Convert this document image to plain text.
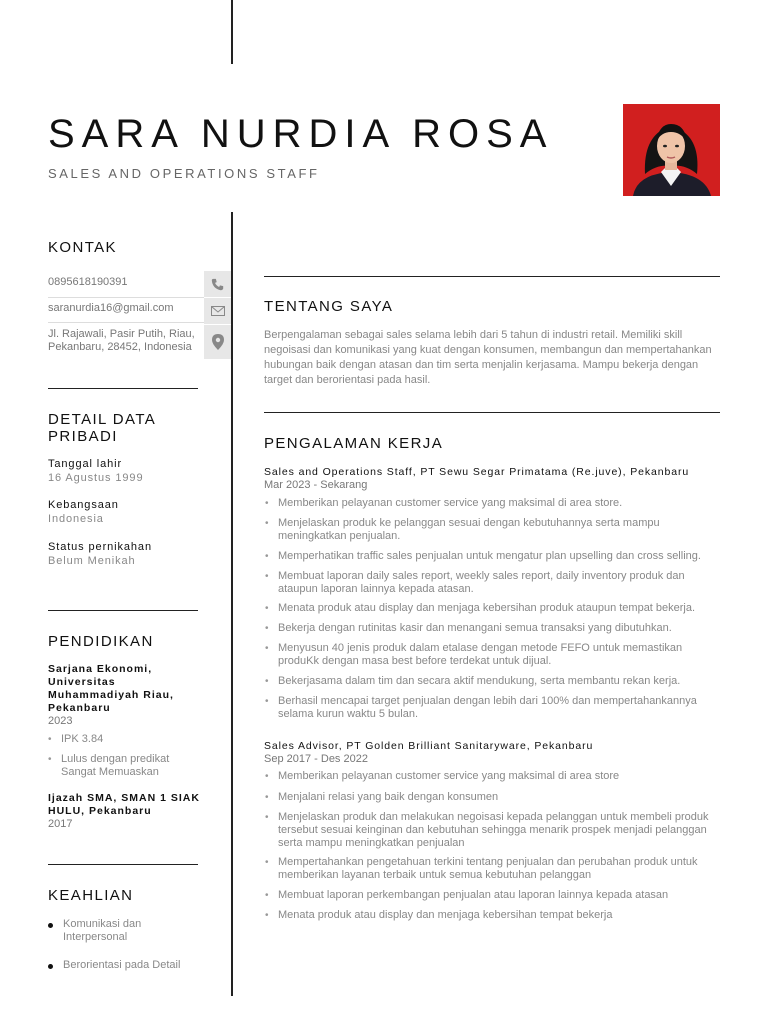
SARA NURDIA ROSA
SALES AND OPERATIONS STAFF
KONTAK
0895618190391
saranurdia16@gmail.com
Jl. Rajawali, Pasir Putih, Riau,
Pekanbaru, 28452, Indonesia
DETAIL DATA
PRIBADI
Tanggal lahir
16 Agustus 1999
Kebangsaan
Indonesia
Status pernikahan
Belum Menikah
PENDIDIKAN
Sarjana Ekonomi,
Universitas
Muhammadiyah Riau,
Pekanbaru
2023
• IPK 3.84
• Lulus dengan predikat
Sangat Memuaskan
Ijazah SMA, SMAN 1 SIAK
HULU, Pekanbaru
2017
KEAHLIAN
Komunikasi dan
Interpersonal
Berorientasi pada Detail
TENTANG SAYA
Berpengalaman sebagai sales selama lebih dari 5 tahun di industri retail. Memiliki skill
negoisasi dan komunikasi yang kuat dengan konsumen, membangun dan mempertahankan
hubungan baik dengan atasan dan tim serta menjalin kerjasama. Mampu bekerja dengan
target dan berorientasi pada hasil.
PENGALAMAN KERJA
Sales and Operations Staff, PT Sewu Segar Primatama (Re.juve), Pekanbaru
Mar 2023 - Sekarang
• Memberikan pelayanan customer service yang maksimal di area store.
• Menjelaskan produk ke pelanggan sesuai dengan kebutuhannya serta mampu
meningkatkan penjualan.
• Memperhatikan traffic sales penjualan untuk mengatur plan upselling dan cross selling.
• Membuat laporan daily sales report, weekly sales report, daily inventory produk dan
ataupun laporan lainnya kepada atasan.
• Menata produk atau display dan menjaga kebersihan produk ataupun tempat bekerja.
• Bekerja dengan rutinitas kasir dan menangani semua transaksi yang dibutuhkan.
• Menyusun 40 jenis produk dalam etalase dengan metode FEFO untuk memastikan
produKk dengan masa best before terdekat untuk dijual.
• Bekerjasama dalam tim dan secara aktif mendukung, serta membantu rekan kerja.
• Berhasil mencapai target penjualan dengan lebih dari 100% dan mempertahankannya
selama kurun waktu 5 bulan.
Sales Advisor, PT Golden Brilliant Sanitaryware, Pekanbaru
Sep 2017 - Des 2022
• Memberikan pelayanan customer service yang maksimal di area store
• Menjalani relasi yang baik dengan konsumen
• Menjelaskan produk dan melakukan negoisasi kepada pelanggan untuk membeli produk
tersebut sesuai keinginan dan kebutuhan sehingga menarik prospek menjadi pelanggan
serta mampu meningkatkan penjualan
• Mempertahankan pengetahuan terkini tentang penjualan dan perubahan produk untuk
memberikan layanan terbaik untuk semua kebutuhan pelanggan
• Membuat laporan perkembangan penjualan atau laporan lainnya kepada atasan
• Menata produk atau display dan menjaga kebersihan tempat bekerja
